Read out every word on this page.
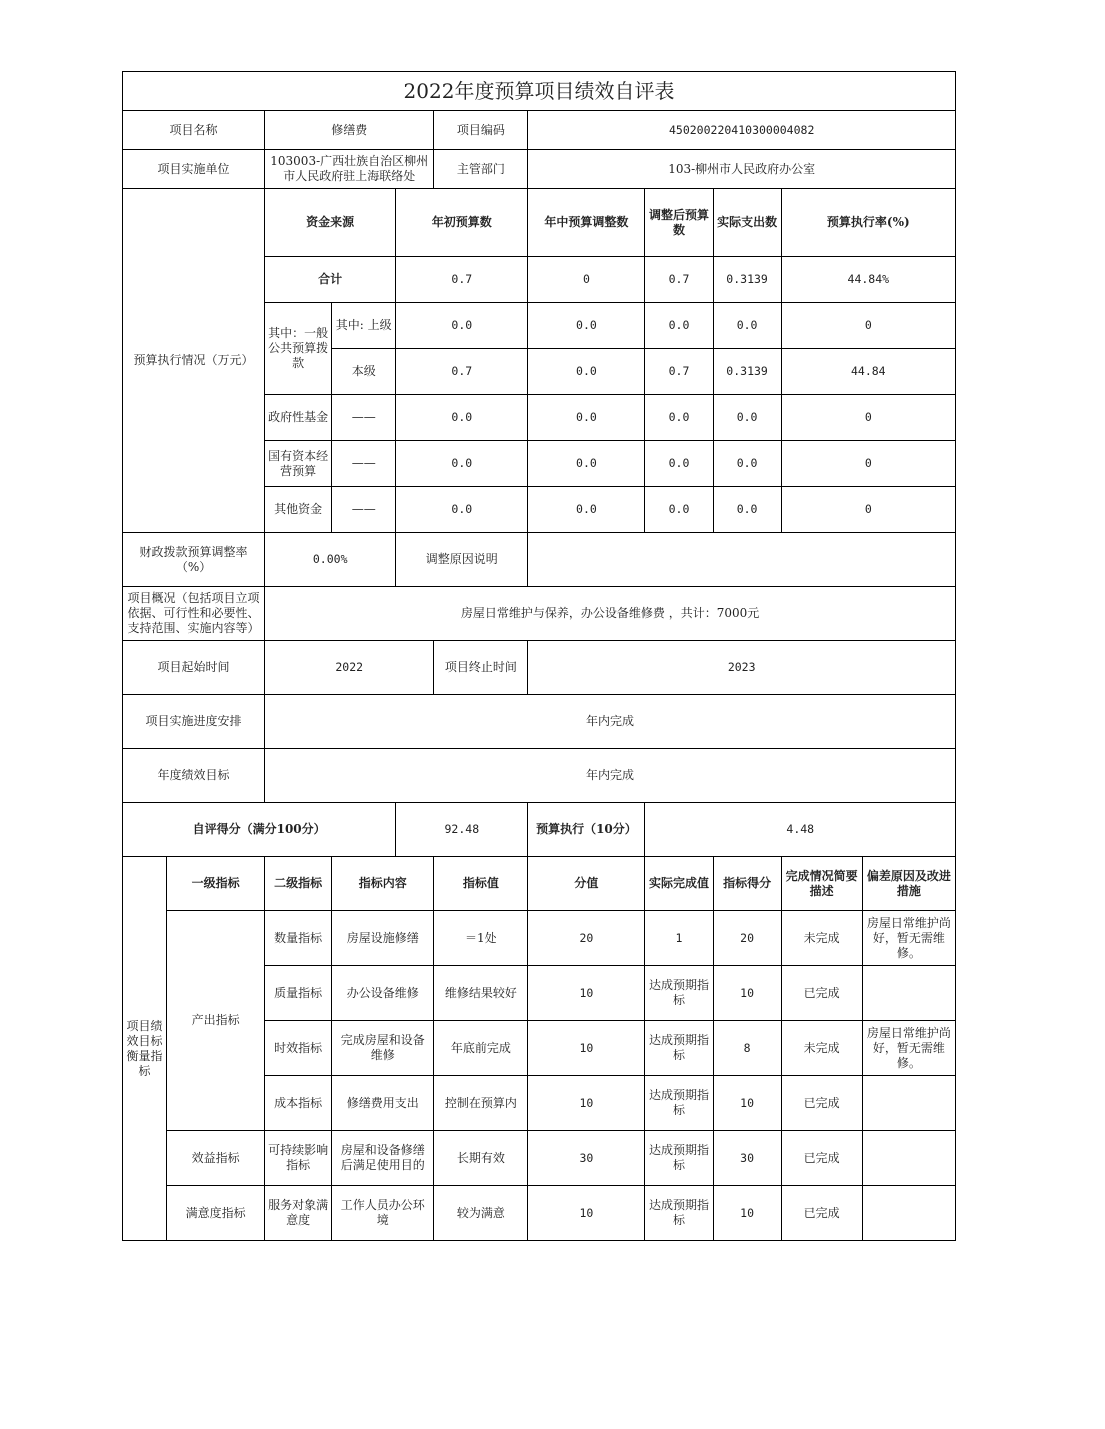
2022年度预算项目绩效自评表										
项目名称		修缮费			项目编码	450200220410300004082				
项目实施单位		103003-广西壮族自治区柳州市人民政府驻上海联络处			主管部门	103-柳州市人民政府办公室				
预算执行情况（万元）		资金来源		年初预算数		年中预算调整数	调整后预算数	实际支出数	预算执行率(%)	
		合计		0.7		0	0.7	0.3139	44.84%	
		其中：一般公共预算拨款	其中: 上级	0.0		0.0	0.0	0.0	0	
			本级	0.7		0.0	0.7	0.3139	44.84	
		政府性基金	——	0.0		0.0	0.0	0.0	0	
		国有资本经营预算	——	0.0		0.0	0.0	0.0	0	
		其他资金	——	0.0		0.0	0.0	0.0	0	
财政拨款预算调整率（%）		0.00%		调整原因说明						

项目概况（包括项目立项依据、可行性和必要性、支持范围、实施内容等）		房屋日常维护与保养，办公设备维修费 ，共计：7000元								
项目起始时间		2022			项目终止时间	2023				
项目实施进度安排		年内完成								
年度绩效目标		年内完成								
自评得分（满分100分）				92.48		预算执行（10分）	4.48			
项目绩效目标衡量指标	一级指标	二级指标	指标内容		指标值	分值	实际完成值	指标得分	完成情况简要描述	偏差原因及改进措施
	产出指标	数量指标	房屋设施修缮		＝1处	20	1	20	未完成	房屋日常维护尚好，暂无需维修。
		质量指标	办公设备维修		维修结果较好	10	达成预期指标	10	已完成	
		时效指标	完成房屋和设备维修		年底前完成	10	达成预期指标	8	未完成	房屋日常维护尚好，暂无需维修。
		成本指标	修缮费用支出		控制在预算内	10	达成预期指标	10	已完成	
	效益指标	可持续影响指标	房屋和设备修缮后满足使用目的		长期有效	30	达成预期指标	30	已完成	
	满意度指标	服务对象满意度	工作人员办公环境		较为满意	10	达成预期指标	10	已完成	
